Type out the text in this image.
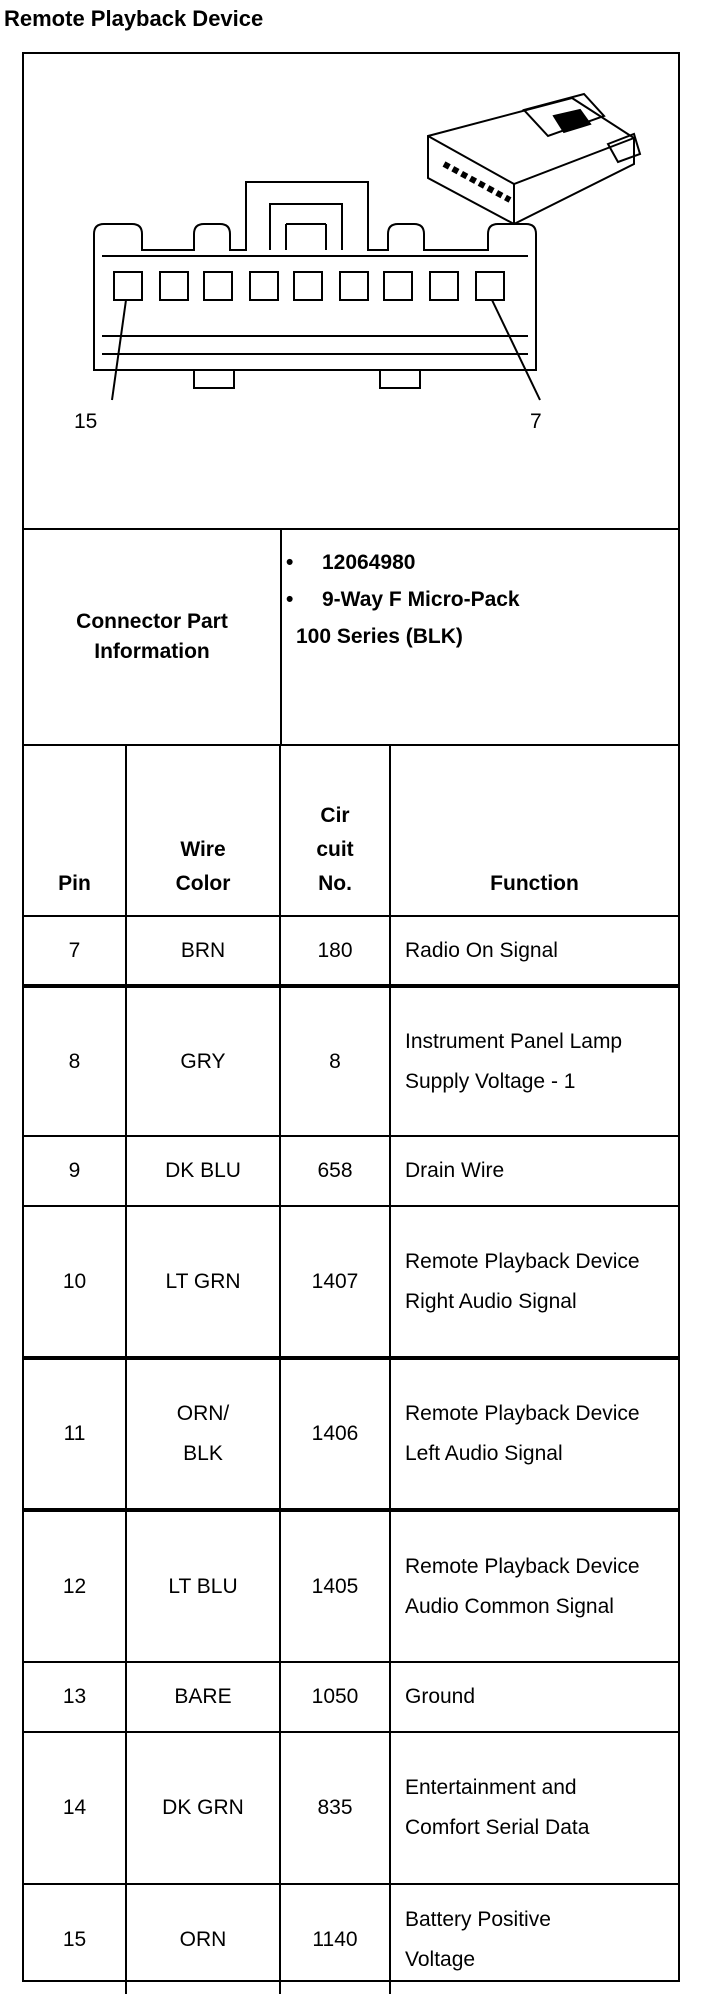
Remote Playback Device
15	7
Connector Part Information
• 12064980
• 9-Way F Micro-Pack
100 Series (BLK)
Pin	Wire Color	Cir cuit No.	Function
7	BRN	180	Radio On Signal
8	GRY	8	Instrument Panel Lamp Supply Voltage - 1

9	DK BLU	658	Drain Wire
10	LT GRN	1407	Remote Playback Device Right Audio Signal

11	ORN/BLK	1406	Remote Playback Device Left Audio Signal

12	LT BLU	1405	Remote Playback Device Audio Common Signal

13	BARE	1050	Ground
14	DK GRN	835	Entertainment and Comfort Serial Data

15	ORN	1140	Battery Positive Voltage
